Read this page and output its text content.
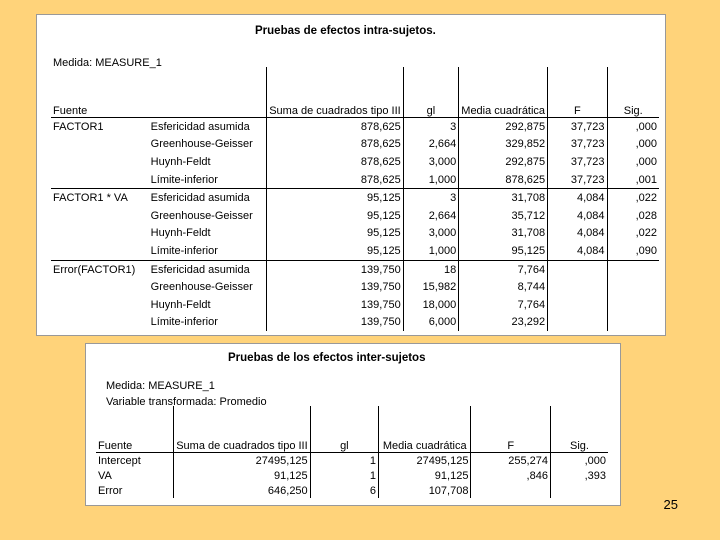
Pruebas de efectos intra-sujetos.
Medida: MEASURE_1
Fuente		Suma de cuadrados tipo III	gl	Media cuadrática	F	Sig.
FACTOR1	Esfericidad asumida	878,625	3	292,875	37,723	,000
	Greenhouse-Geisser	878,625	2,664	329,852	37,723	,000
	Huynh-Feldt	878,625	3,000	292,875	37,723	,000
	Límite-inferior	878,625	1,000	878,625	37,723	,001
FACTOR1 * VA	Esfericidad asumida	95,125	3	31,708	4,084	,022
	Greenhouse-Geisser	95,125	2,664	35,712	4,084	,028
	Huynh-Feldt	95,125	3,000	31,708	4,084	,022
	Límite-inferior	95,125	1,000	95,125	4,084	,090
Error(FACTOR1)	Esfericidad asumida	139,750	18	7,764		
	Greenhouse-Geisser	139,750	15,982	8,744		
	Huynh-Feldt	139,750	18,000	7,764		
	Límite-inferior	139,750	6,000	23,292		
Pruebas de los efectos inter-sujetos
Medida: MEASURE_1
Variable transformada: Promedio
Fuente	Suma de cuadrados tipo III	gl	Media cuadrática	F	Sig.
Intercept	27495,125	1	27495,125	255,274	,000
VA	91,125	1	91,125	,846	,393
Error	646,250	6	107,708		
25
